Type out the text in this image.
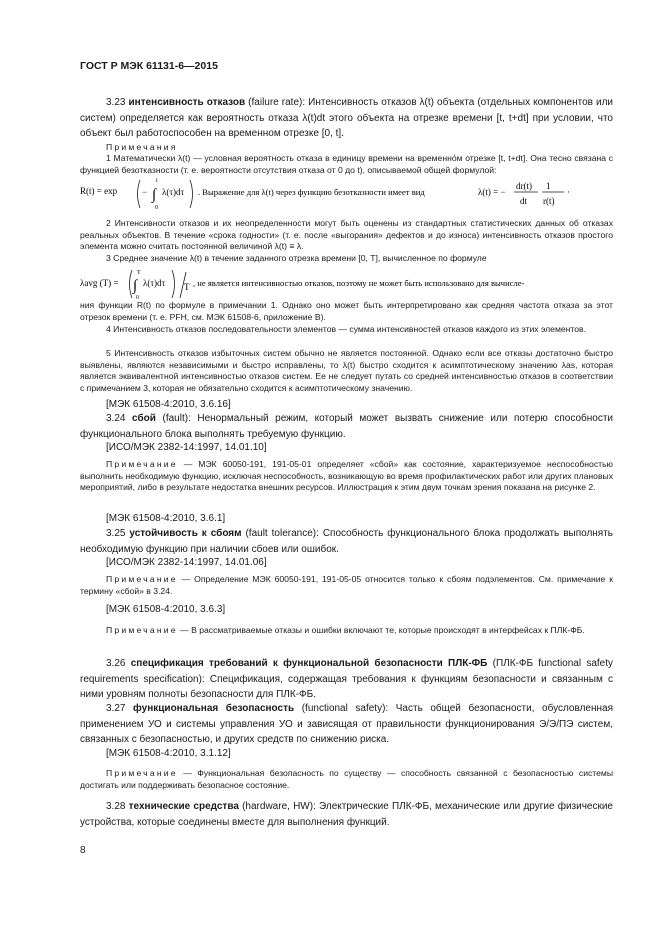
ГОСТ Р МЭК 61131-6—2015

3.23 интенсивность отказов (failure rate): Интенсивность отказов λ(t) объекта (отдельных компонентов или систем) определяется как вероятность отказа λ(t)dt этого объекта на отрезке времени [t, t+dt] при условии, что объект был работоспособен на временном отрезке [0, t].

Примечания

1 Математически λ(t) — условная вероятность отказа в единицу времени на временно́м отрезке [t, t+dt]. Она тесно связана с функцией безотказности (т. е. вероятности отсутствия отказа от 0 до t), описываемой общей формулой:

R(t) = exp	− ∫
t
0
λ(τ)dτ . Выражение для λ(t) через функцию безотказности имеет вид	λ(t) = −
dr(t)
dt
1
r(t)
·

2 Интенсивности отказов и их неопределенности могут быть оценены из стандартных статистических данных об отказах реальных объектов. В течение «срока годности» (т. е. после «выгорания» дефектов и до износа) интенсивность отказов простого элемента можно считать постоянной величиной λ(t) ≡ λ.

3 Среднее значение λ(t) в течение заданного отрезка времени [0, T], вычисленное по формуле

λavg (T) = ∫
T
0
λ(τ)dτ T , не является интенсивностью отказов, поэтому не может быть использовано для вычисле-

ния функции R(t) по формуле в примечании 1. Однако оно может быть интерпретировано как средняя частота отказа за этот отрезок времени (т. е. PFH, см. МЭК 61508-6, приложение В).

4 Интенсивность отказов последовательности элементов — сумма интенсивностей отказов каждого из этих элементов.

5 Интенсивность отказов избыточных систем обычно не является постоянной. Однако если все отказы достаточно быстро выявлены, являются независимыми и быстро исправлены, то λ(t) быстро сходится к асимптотическому значению λas, которая является эквивалентной интенсивностью отказов систем. Ее не следует путать со средней интенсивностью отказов в соответствии с примечанием 3, которая не обязательно сходится к асимптотическому значению.

[МЭК 61508-4:2010, 3.6.16]

3.24 сбой (fault): Ненормальный режим, который может вызвать снижение или потерю способности функционального блока выполнять требуемую функцию.

[ИСО/МЭК 2382-14:1997, 14.01.10]

Примечание — МЭК 60050-191, 191-05-01 определяет «сбой» как состояние, характеризуемое неспособностью выполнить необходимую функцию, исключая неспособность, возникающую во время профилактических работ или других плановых мероприятий, либо в результате недостатка внешних ресурсов. Иллюстрация к этим двум точкам зрения показана на рисунке 2.

[МЭК 61508-4:2010, 3.6.1]

3.25 устойчивость к сбоям (fault tolerance): Способность функционального блока продолжать выполнять необходимую функцию при наличии сбоев или ошибок.

[ИСО/МЭК 2382-14:1997, 14.01.06]

Примечание — Определение МЭК 60050-191, 191-05-05 относится только к сбоям подэлементов. См. примечание к термину «сбой» в 3.24.

[МЭК 61508-4:2010, 3.6.3]

Примечание — В рассматриваемые отказы и ошибки включают те, которые происходят в интерфейсах к ПЛК-ФБ.

3.26 спецификация требований к функциональной безопасности ПЛК-ФБ (ПЛК-ФБ functional safety requirements specification): Спецификация, содержащая требования к функциям безопасности и связанным с ними уровням полноты безопасности для ПЛК-ФБ.

3.27 функциональная безопасность (functional safety): Часть общей безопасности, обусловленная применением УО и системы управления УО и зависящая от правильности функционирования Э/Э/ПЭ систем, связанных с безопасностью, и других средств по снижению риска.

[МЭК 61508-4:2010, 3.1.12]

Примечание — Функциональная безопасность по существу — способность связанной с безопасностью системы достигать или поддерживать безопасное состояние.

3.28 технические средства (hardware, HW): Электрические ПЛК-ФБ, механические или другие физические устройства, которые соединены вместе для выполнения функций.

8
